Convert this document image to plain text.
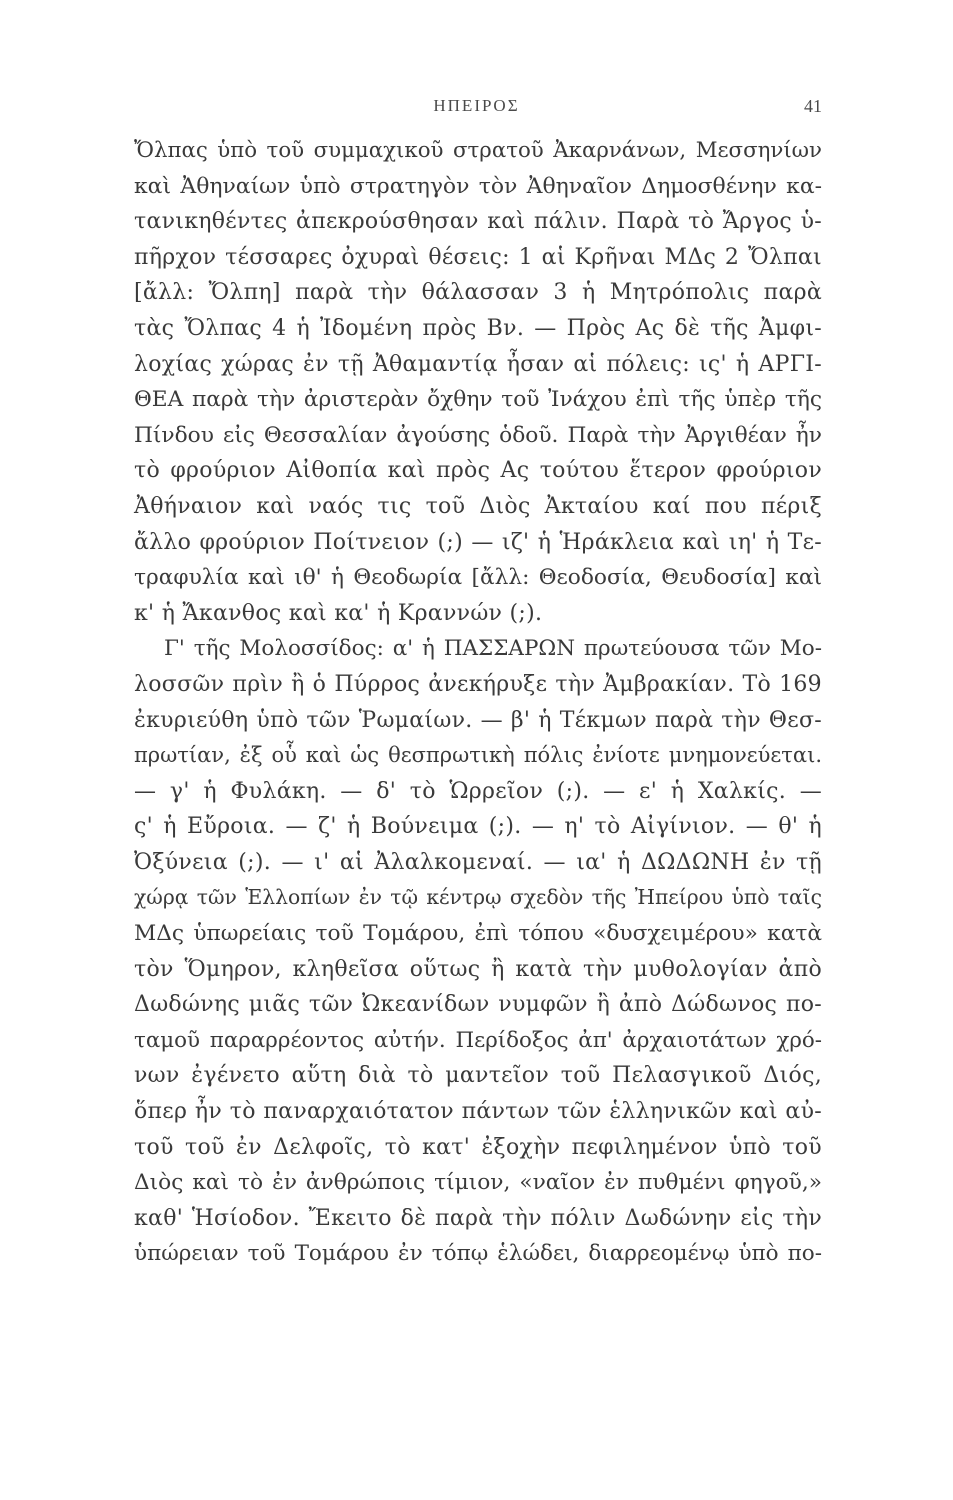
ΗΠΕΙΡΟΣ	41
Ὄλπας ὑπὸ τοῦ συμμαχικοῦ στρατοῦ Ἀκαρνάνων, Μεσσηνίων
καὶ Ἀθηναίων ὑπὸ στρατηγὸν τὸν Ἀθηναῖον Δημοσθένην κα-
τανικηθέντες ἀπεκρούσθησαν καὶ πάλιν. Παρὰ τὸ Ἄργος ὑ-
πῆρχον τέσσαρες ὀχυραὶ θέσεις: 1 αἱ Κρῆναι ΜΔς 2 Ὄλπαι
[ἄλλ: Ὄλπη] παρὰ τὴν θάλασσαν 3 ἡ Μητρόπολις παρὰ
τὰς Ὄλπας 4 ἡ Ἰδομένη πρὸς Βν. — Πρὸς Ας δὲ τῆς Ἀμφι-
λοχίας χώρας ἐν τῇ Ἀθαμαντίᾳ ἦσαν αἱ πόλεις: ις' ἡ ΑΡΓΙ-
ΘΕΑ παρὰ τὴν ἀριστερὰν ὄχθην τοῦ Ἰνάχου ἐπὶ τῆς ὑπὲρ τῆς
Πίνδου εἰς Θεσσαλίαν ἀγούσης ὁδοῦ. Παρὰ τὴν Ἀργιθέαν ἦν
τὸ φρούριον Αἰθοπία καὶ πρὸς Ας τούτου ἕτερον φρούριον
Ἀθήναιον καὶ ναός τις τοῦ Διὸς Ἀκταίου καί που πέριξ
ἄλλο φρούριον Ποίτνειον (;) — ιζ' ἡ Ἡράκλεια καὶ ιη' ἡ Τε-
τραφυλία καὶ ιθ' ἡ Θεοδωρία [ἄλλ: Θεοδοσία, Θευδοσία] καὶ
κ' ἡ Ἄκανθος καὶ κα' ἡ Κραννών (;).
Γ' τῆς Μολοσσίδος: α' ἡ ΠΑΣΣΑΡΩΝ πρωτεύουσα τῶν Μο-
λοσσῶν πρὶν ἢ ὁ Πύρρος ἀνεκήρυξε τὴν Ἀμβρακίαν. Τὸ 169
ἐκυριεύθη ὑπὸ τῶν Ῥωμαίων. — β' ἡ Τέκμων παρὰ τὴν Θεσ-
πρωτίαν, ἐξ οὗ καὶ ὡς θεσπρωτικὴ πόλις ἐνίοτε μνημονεύεται.
— γ' ἡ Φυλάκη. — δ' τὸ Ὡρρεῖον (;). — ε' ἡ Χαλκίς. —
ς' ἡ Εὔροια. — ζ' ἡ Βούνειμα (;). — η' τὸ Αἰγίνιον. — θ' ἡ
Ὀξύνεια (;). — ι' αἱ Ἀλαλκομεναί. — ια' ἡ ΔΩΔΩΝΗ ἐν τῇ
χώρᾳ τῶν Ἑλλοπίων ἐν τῷ κέντρῳ σχεδὸν τῆς Ἠπείρου ὑπὸ ταῖς
ΜΔς ὑπωρείαις τοῦ Τομάρου, ἐπὶ τόπου «δυσχειμέρου» κατὰ
τὸν Ὅμηρον, κληθεῖσα οὕτως ἢ κατὰ τὴν μυθολογίαν ἀπὸ
Δωδώνης μιᾶς τῶν Ὠκεανίδων νυμφῶν ἢ ἀπὸ Δώδωνος πο-
ταμοῦ παραρρέοντος αὐτήν. Περίδοξος ἀπ' ἀρχαιοτάτων χρό-
νων ἐγένετο αὕτη διὰ τὸ μαντεῖον τοῦ Πελασγικοῦ Διός,
ὅπερ ἦν τὸ παναρχαιότατον πάντων τῶν ἑλληνικῶν καὶ αὐ-
τοῦ τοῦ ἐν Δελφοῖς, τὸ κατ' ἐξοχὴν πεφιλημένον ὑπὸ τοῦ
Διὸς καὶ τὸ ἐν ἀνθρώποις τίμιον, «ναῖον ἐν πυθμένι φηγοῦ,»
καθ' Ἡσίοδον. Ἔκειτο δὲ παρὰ τὴν πόλιν Δωδώνην εἰς τὴν
ὑπώρειαν τοῦ Τομάρου ἐν τόπῳ ἑλώδει, διαρρεομένῳ ὑπὸ πο-
